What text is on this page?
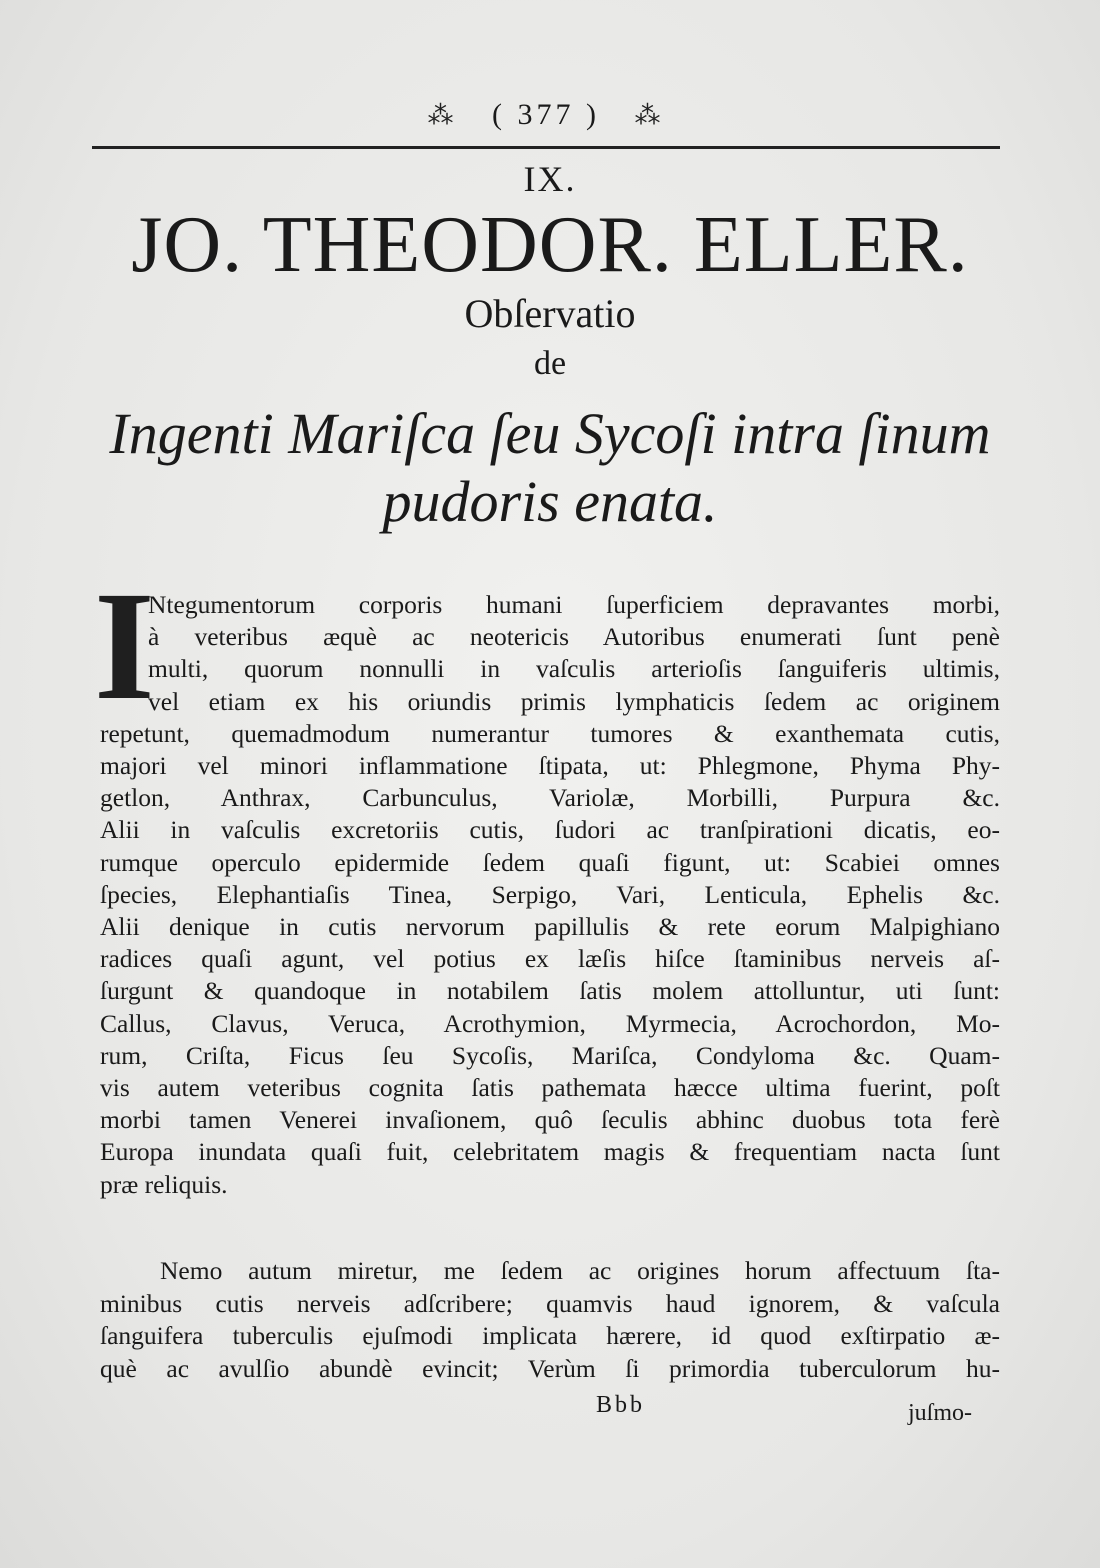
⁂ ( 377 ) ⁂
IX.
JO. THEODOR. ELLER.
Obſervatio
de
Ingenti Mariſca ſeu Sycoſi intra ſinum
pudoris enata.
I
Ntegumentorum corporis humani ſuperficiem depravantes morbi,
à veteribus æquè ac neotericis Autoribus enumerati ſunt penè
multi, quorum nonnulli in vaſculis arterioſis ſanguiferis ultimis,
vel etiam ex his oriundis primis lymphaticis ſedem ac originem
repetunt, quemadmodum numerantur tumores & exanthemata cutis,
majori vel minori inflammatione ſtipata, ut: Phlegmone, Phyma Phy-
getlon, Anthrax, Carbunculus, Variolæ, Morbilli, Purpura &c.
Alii in vaſculis excretoriis cutis, ſudori ac tranſpirationi dicatis, eo-
rumque operculo epidermide ſedem quaſi figunt, ut: Scabiei omnes
ſpecies, Elephantiaſis Tinea, Serpigo, Vari, Lenticula, Ephelis &c.
Alii denique in cutis nervorum papillulis & rete eorum Malpighiano
radices quaſi agunt, vel potius ex læſis hiſce ſtaminibus nerveis aſ-
ſurgunt & quandoque in notabilem ſatis molem attolluntur, uti ſunt:
Callus, Clavus, Veruca, Acrothymion, Myrmecia, Acrochordon, Mo-
rum, Criſta, Ficus ſeu Sycoſis, Mariſca, Condyloma &c. Quam-
vis autem veteribus cognita ſatis pathemata hæcce ultima fuerint, poſt
morbi tamen Venerei invaſionem, quô ſeculis abhinc duobus tota ferè
Europa inundata quaſi fuit, celebritatem magis & frequentiam nacta ſunt
præ reliquis.
Nemo autum miretur, me ſedem ac origines horum affectuum ſta-
minibus cutis nerveis adſcribere; quamvis haud ignorem, & vaſcula
ſanguifera tuberculis ejuſmodi implicata hærere, id quod exſtirpatio æ-
què ac avulſio abundè evincit; Verùm ſi primordia tuberculorum hu-
Bbb	juſmo-
